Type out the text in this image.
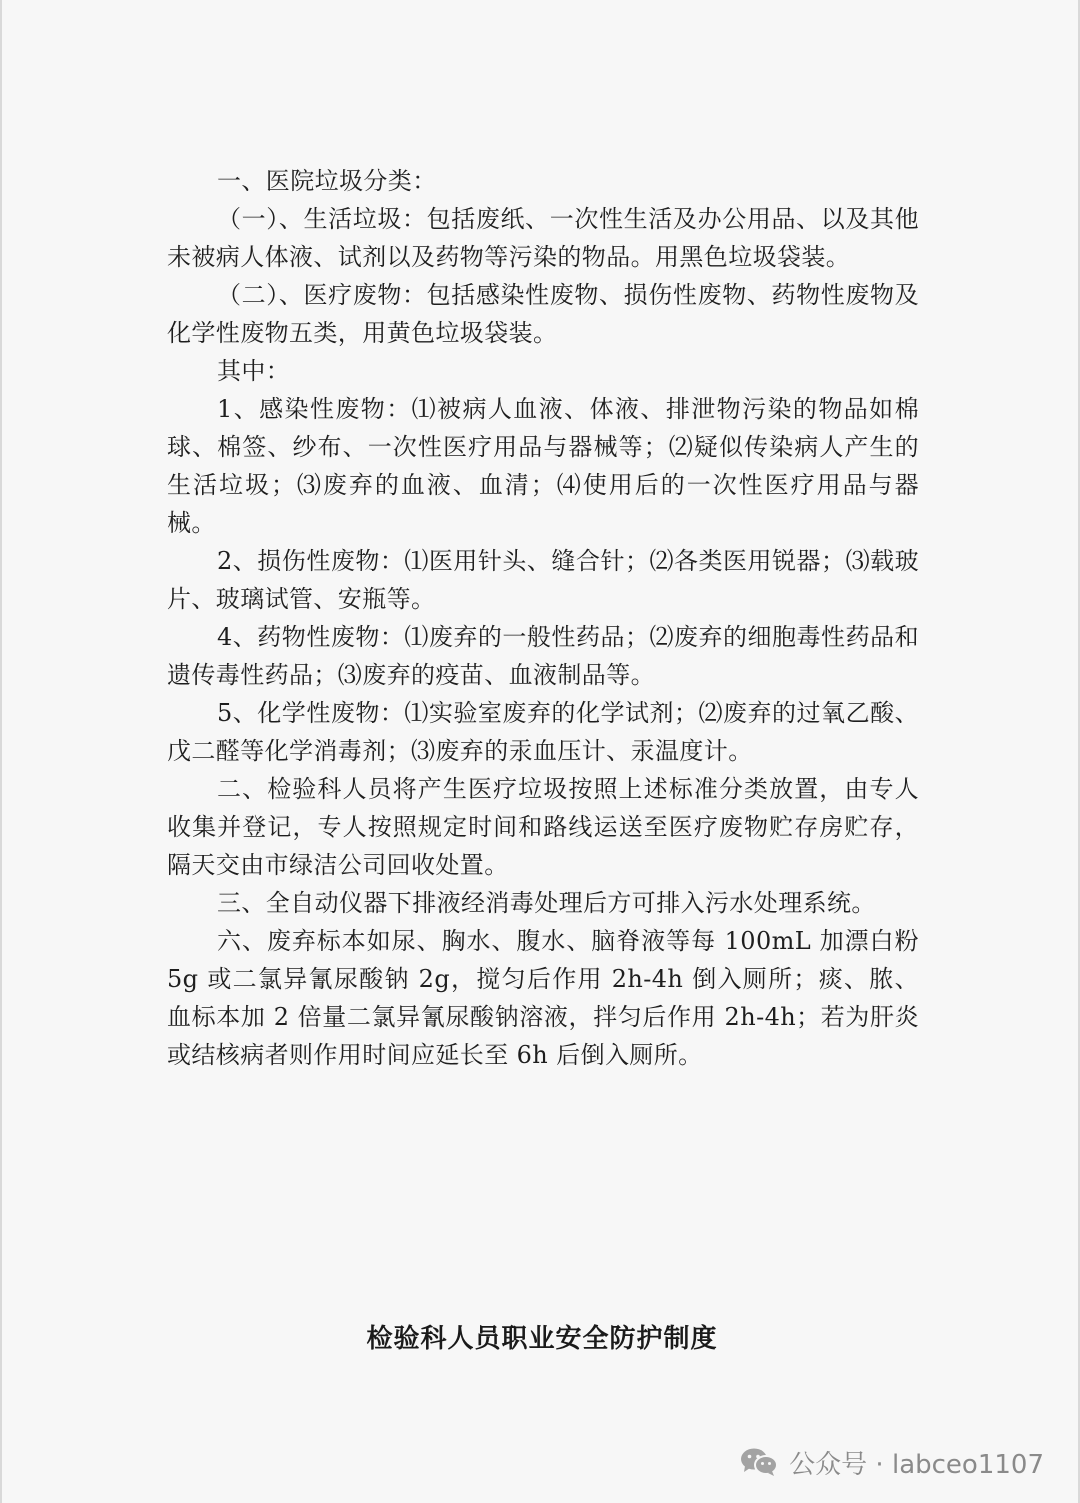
一、医院垃圾分类：

（一）、生活垃圾：包括废纸、一次性生活及办公用品、以及其他未被病人体液、试剂以及药物等污染的物品。用黑色垃圾袋装。

（二）、医疗废物：包括感染性废物、损伤性废物、药物性废物及化学性废物五类，用黄色垃圾袋装。

其中：

1、感染性废物：⑴被病人血液、体液、排泄物污染的物品如棉球、棉签、纱布、一次性医疗用品与器械等；⑵疑似传染病人产生的生活垃圾；⑶废弃的血液、血清；⑷使用后的一次性医疗用品与器械。

2、损伤性废物：⑴医用针头、缝合针；⑵各类医用锐器；⑶载玻片、玻璃试管、安瓶等。

4、药物性废物：⑴废弃的一般性药品；⑵废弃的细胞毒性药品和遗传毒性药品；⑶废弃的疫苗、血液制品等。

5、化学性废物：⑴实验室废弃的化学试剂；⑵废弃的过氧乙酸、戊二醛等化学消毒剂；⑶废弃的汞血压计、汞温度计。

二、检验科人员将产生医疗垃圾按照上述标准分类放置，由专人收集并登记，专人按照规定时间和路线运送至医疗废物贮存房贮存，隔天交由市绿洁公司回收处置。

三、全自动仪器下排液经消毒处理后方可排入污水处理系统。

六、废弃标本如尿、胸水、腹水、脑脊液等每 100mL 加漂白粉 5g 或二氯异氰尿酸钠 2g，搅匀后作用 2h-4h 倒入厕所；痰、脓、血标本加 2 倍量二氯异氰尿酸钠溶液，拌匀后作用 2h-4h；若为肝炎或结核病者则作用时间应延长至 6h 后倒入厕所。

检验科人员职业安全防护制度
公众号 · labceo1107
